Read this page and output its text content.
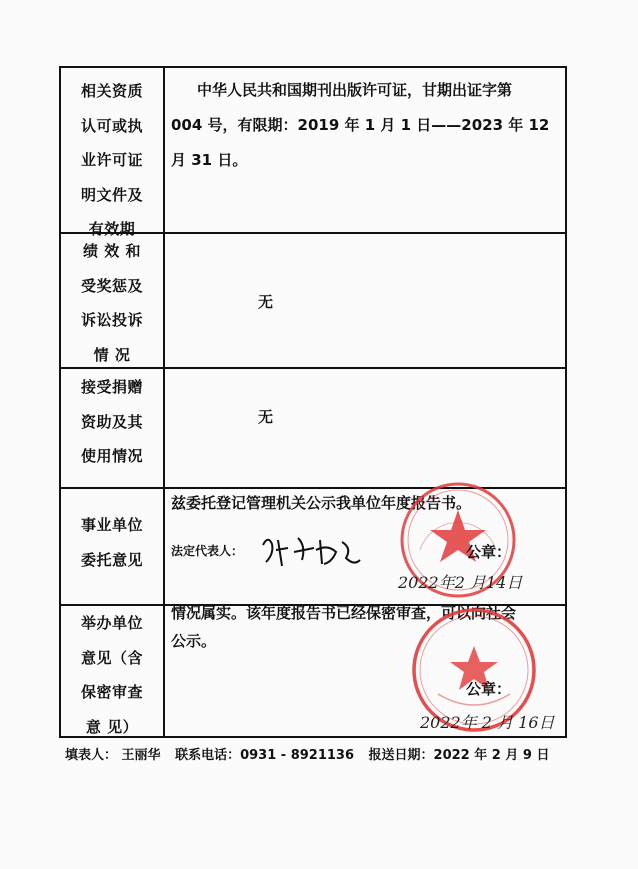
相关资质
认可或执
业许可证
明文件及
有效期
中华人民共和国期刊出版许可证，甘期出证字第
004 号，有限期：2019 年 1 月 1 日——2023 年 12
月 31 日。
绩 效 和
受奖惩及
诉讼投诉
情 况
无
接受捐赠
资助及其
使用情况
无
事业单位
委托意见
兹委托登记管理机关公示我单位年度报告书。
法定代表人：
举办单位
意见（含
保密审查
意 见）
情况属实。该年度报告书已经保密审查，可以向社会
公示。
公章：
2022年2 月14日
公章：
2022年 2 月 16日
填表人： 王丽华 联系电话：0931 - 8921136 报送日期：2022 年 2 月 9 日
